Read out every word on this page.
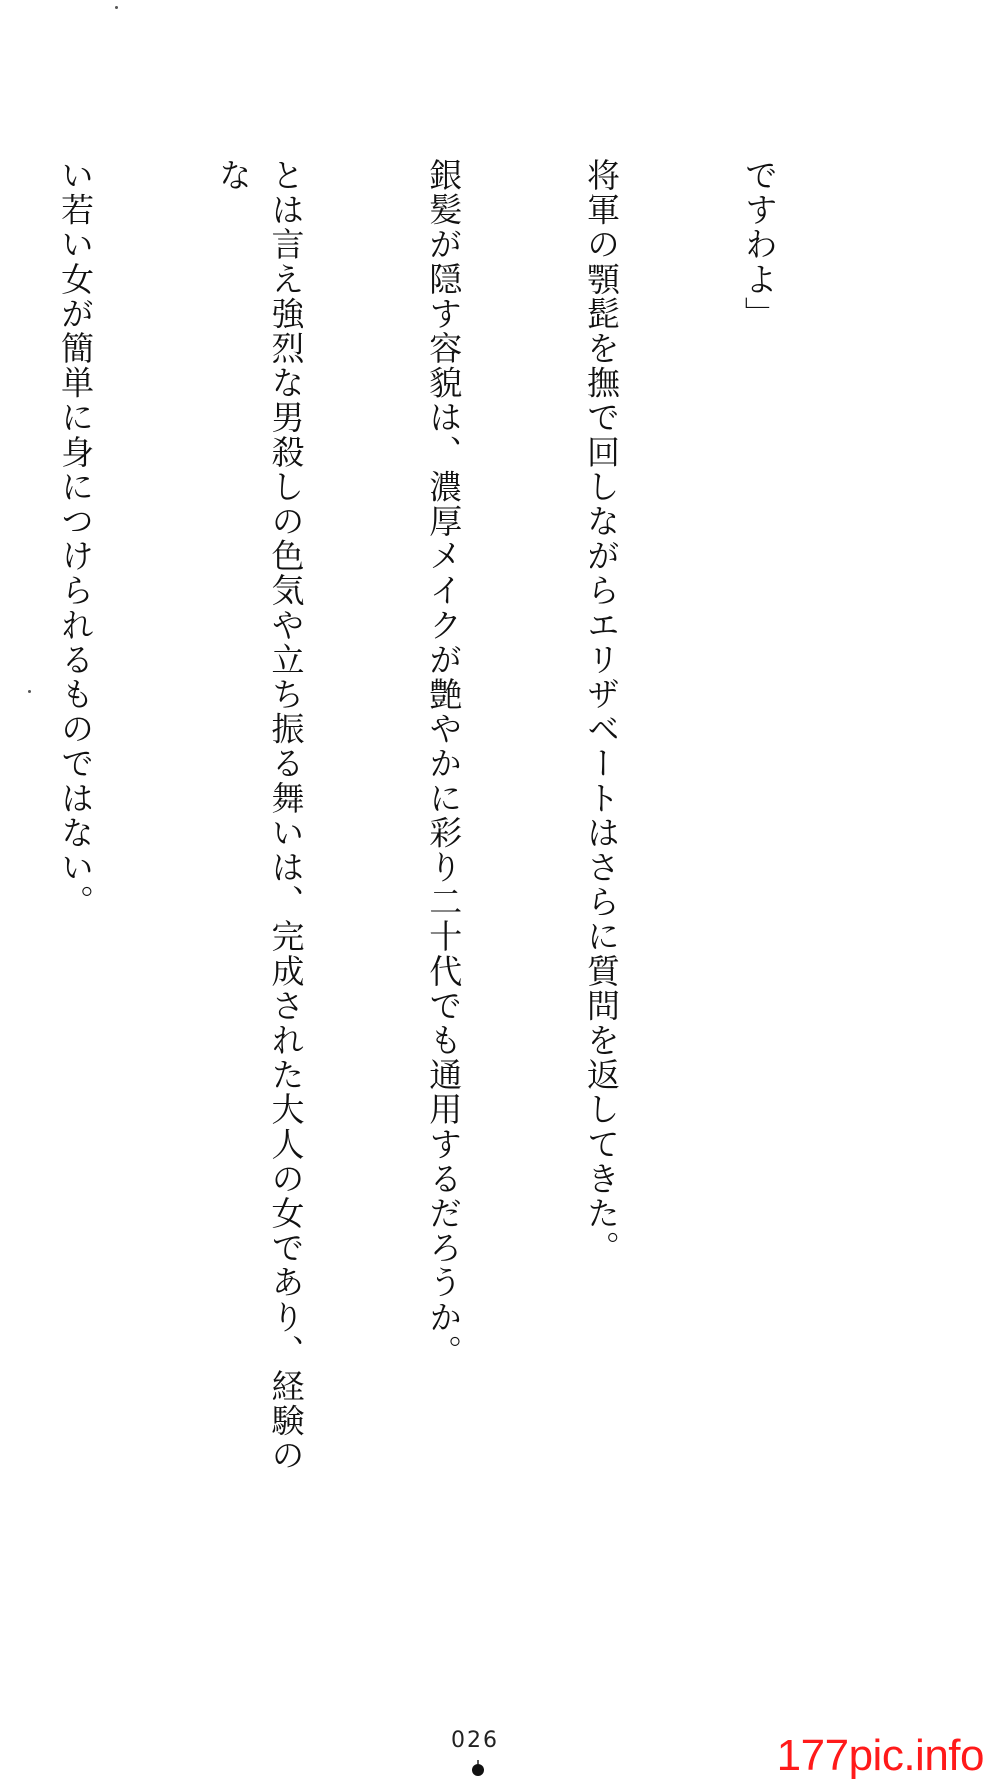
ですわよ」

将軍の顎髭を撫で回しながらエリザベートはさらに質問を返してきた。

銀髪が隠す容貌は、濃厚メイクが艶やかに彩り二十代でも通用するだろうか。

とは言え強烈な男殺しの色気や立ち振る舞いは、完成された大人の女であり、経験のな

い若い女が簡単に身につけられるものではない。

026	177pic.info
